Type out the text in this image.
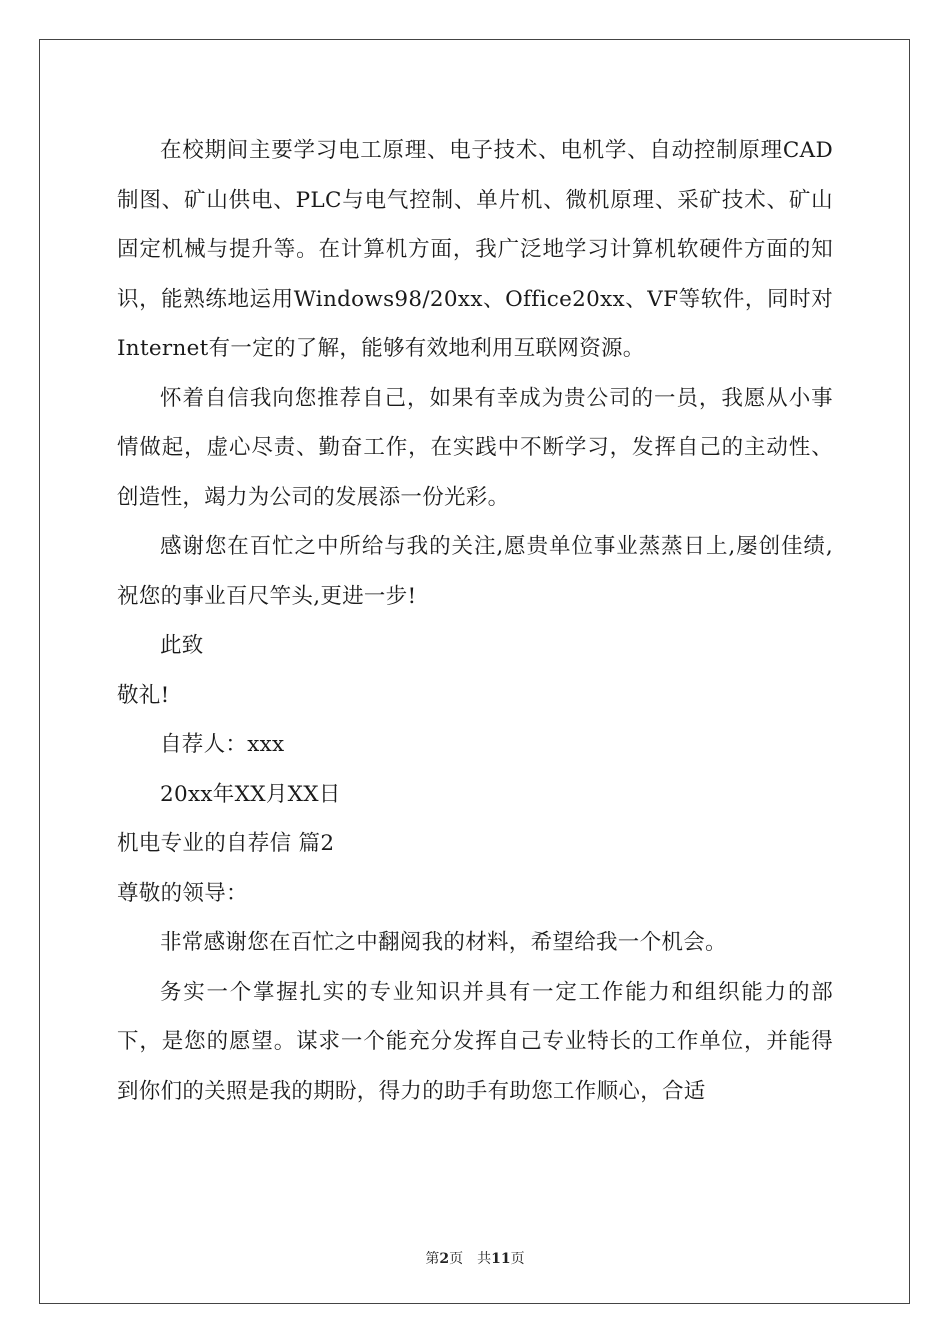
在校期间主要学习电工原理、电子技术、电机学、自动控制原理CAD制图、矿山供电、PLC与电气控制、单片机、微机原理、采矿技术、矿山固定机械与提升等。在计算机方面，我广泛地学习计算机软硬件方面的知识，能熟练地运用Windows98/20xx、Office20xx、VF等软件，同时对Internet有一定的了解，能够有效地利用互联网资源。

怀着自信我向您推荐自己，如果有幸成为贵公司的一员，我愿从小事情做起，虚心尽责、勤奋工作，在实践中不断学习，发挥自己的主动性、创造性，竭力为公司的发展添一份光彩。

感谢您在百忙之中所给与我的关注,愿贵单位事业蒸蒸日上,屡创佳绩,祝您的事业百尺竿头,更进一步!

此致

敬礼!

自荐人：xxx

20xx年XX月XX日

机电专业的自荐信 篇2

尊敬的领导：

非常感谢您在百忙之中翻阅我的材料，希望给我一个机会。

务实一个掌握扎实的专业知识并具有一定工作能力和组织能力的部下，是您的愿望。谋求一个能充分发挥自己专业特长的工作单位，并能得到你们的关照是我的期盼，得力的助手有助您工作顺心，合适

第2页　共11页
